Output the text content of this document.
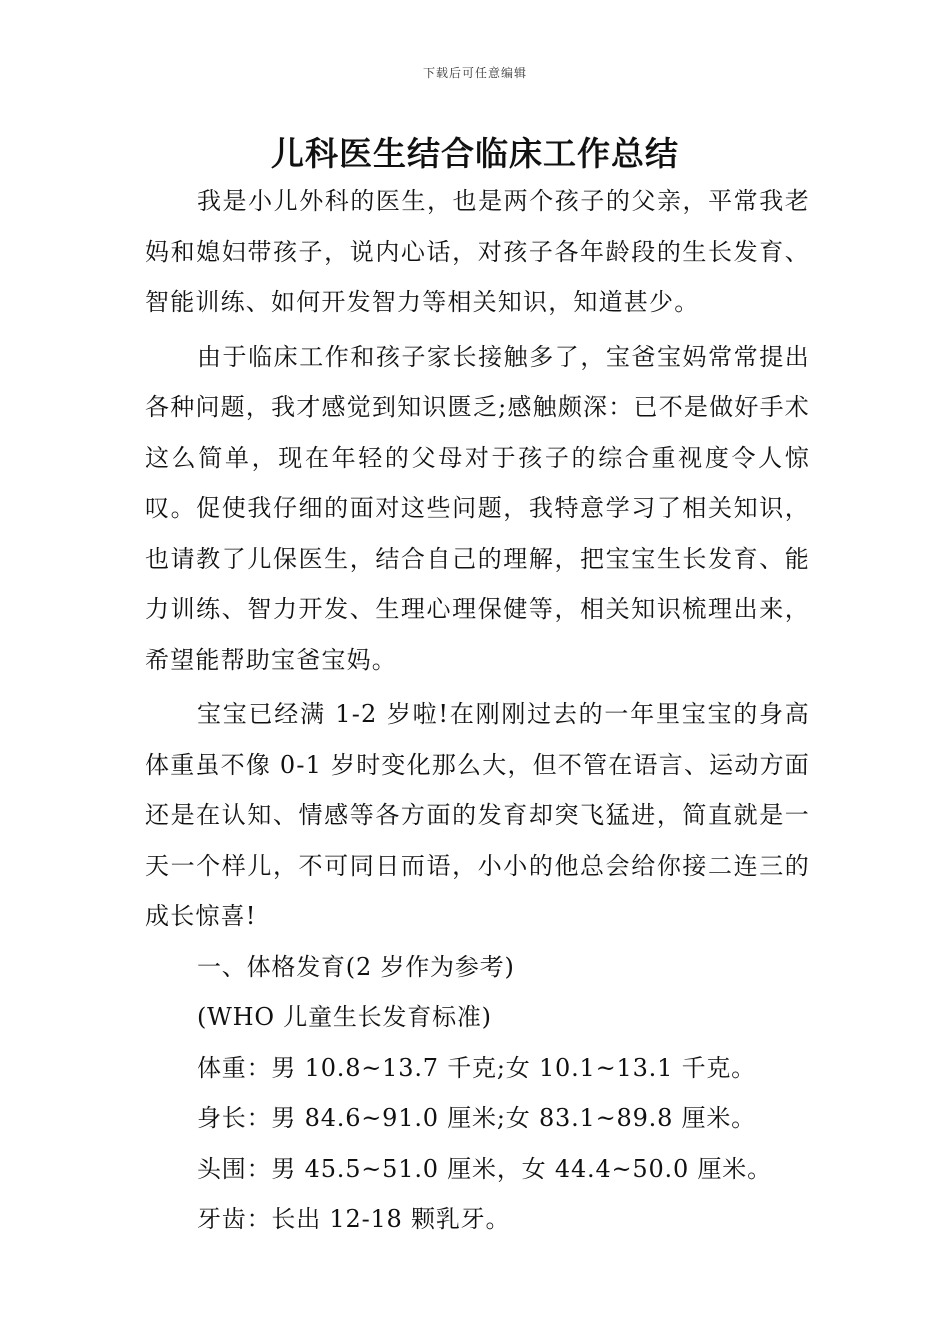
下载后可任意编辑
儿科医生结合临床工作总结

我是小儿外科的医生，也是两个孩子的父亲，平常我老妈和媳妇带孩子，说内心话，对孩子各年龄段的生长发育、智能训练、如何开发智力等相关知识，知道甚少。

由于临床工作和孩子家长接触多了，宝爸宝妈常常提出各种问题，我才感觉到知识匮乏;感触颇深：已不是做好手术这么简单，现在年轻的父母对于孩子的综合重视度令人惊叹。促使我仔细的面对这些问题，我特意学习了相关知识，也请教了儿保医生，结合自己的理解，把宝宝生长发育、能力训练、智力开发、生理心理保健等，相关知识梳理出来，希望能帮助宝爸宝妈。

宝宝已经满 1-2 岁啦!在刚刚过去的一年里宝宝的身高体重虽不像 0-1 岁时变化那么大，但不管在语言、运动方面还是在认知、情感等各方面的发育却突飞猛进，简直就是一天一个样儿，不可同日而语，小小的他总会给你接二连三的成长惊喜!

一、体格发育(2 岁作为参考)

(WHO 儿童生长发育标准)

体重：男 10.8~13.7 千克;女 10.1~13.1 千克。

身长：男 84.6~91.0 厘米;女 83.1~89.8 厘米。

头围：男 45.5~51.0 厘米，女 44.4~50.0 厘米。

牙齿：长出 12-18 颗乳牙。
